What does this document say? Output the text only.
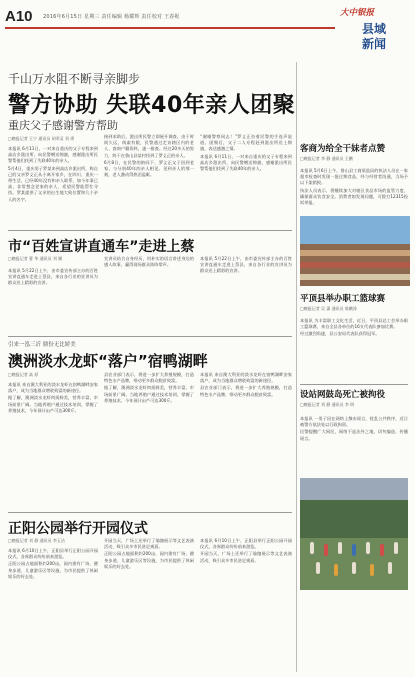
A10 2016年6月15日 星期三 责任编辑 杨耀辉 责任校对 王春妮	大中银报
县域新闻
千山万水阻不断寻亲脚步
警方协助 失联40年亲人团聚
重庆父子感谢警方帮助
□晚报记者 王宁 通讯员 胡翠灵 刘 勇

本报讯 6月11日，一对来自重庆的父子专程来到高店乡派出所，向民警赠送锦旗，感谢派出所民警帮他们找到了失联40年的亲人。

5月4日，重庆男子罗某来到高店乡派出所，称自己的父亲罗义正从小离开家乡，在四川、重庆一带生活，已经40年没有和亲人联系，如今年事已高，非常想念老家的亲人，希望民警能帮忙寻找。罗某提供了父亲的出生地大致位置和几个亲人的名字。

接到求助后，派出所民警立即展开调查。由于时间久远，线索有限，民警通过走访辖区内的老人、查询户籍资料，逐一排查。经过20多天的努力，终于在鲁山县某村找到了罗义正的亲人。

6月8日，在民警的陪同下，罗义正父子回到老家，与分别40年的亲人相见。见到亲人的那一刻，老人激动得热泪盈眶。

“谢谢警察同志！”罗义正拉着民警的手连声说道。团聚后，父子二人专程赶到派出所送上锦旗，表达感激之情。

本报讯 6月11日，一对来自重庆的父子专程来到高店乡派出所，向民警赠送锦旗，感谢派出所民警帮他们找到了失联40年的亲人。

客商为给全干妹者点赞
□晚报记者 李 静 通讯员 王鹏

本报讯 5月6日上午，鲁山县工商质监局的执法人员在一家超市检查时发现一批过期食品，经与经营者沟通，当场予以下架销毁。

执法人员表示，将继续加大对辖区食品市场的监管力度，确保群众饮食安全。消费者如发现问题，可拨打12315投诉举报。

市“百姓宣讲直通车”走进上蔡
□晚报记者 曹 华 通讯员 刘 娜

本报讯 5月22日上午，由市委宣传部主办的百姓宣讲直通车走进上蔡县，来自各行业的宣讲员为群众送上精彩的宣讲。

宣讲员结合自身经历，用朴实的语言讲述身边的感人故事，赢得现场群众阵阵掌声。

本报讯 5月22日上午，由市委宣传部主办的百姓宣讲直通车走进上蔡县，来自各行业的宣讲员为群众送上精彩的宣讲。

平顶县举办职工篮球赛
□晚报记者 吴 潇 通讯员 陈鹏涛

本报讯 为丰富职工文化生活，近日，平顶县总工会举办职工篮球赛，来自全县各单位的16支代表队参加比赛。

经过激烈角逐，县公安局代表队获得冠军。

引来一泓三沂 鼎份无比娇美
澳洲淡水龙虾“落户”宿鸭湖畔
□晚报记者 高 原

本报讯 来自澳大利亚的淡水龙虾在宿鸭湖畔安家落户，成为当地群众增收致富的新途径。

据了解，澳洲淡水龙虾肉质鲜美，营养丰富，市场前景广阔。当地养殖户通过技术培训，掌握了养殖技术，今年预计亩产可达300斤。

县农业部门表示，将进一步扩大养殖规模，打造特色水产品牌，带动更多群众脱贫致富。

据了解，澳洲淡水龙虾肉质鲜美，营养丰富，市场前景广阔。当地养殖户通过技术培训，掌握了养殖技术，今年预计亩产可达300斤。

本报讯 来自澳大利亚的淡水龙虾在宿鸭湖畔安家落户，成为当地群众增收致富的新途径。

县农业部门表示，将进一步扩大养殖规模，打造特色水产品牌，带动更多群众脱贫致富。	设站网鼓岛死亡被拘役
□晚报记者 刘 静 通讯员 李 明

本报讯 一男子因在网络上散布谣言，扰乱公共秩序，近日被警方依法处以行政拘留。

民警提醒广大网民，网络不是法外之地，切勿编造、传播谣言。

正阳公园举行开园仪式
□晚报记者 刘 静 通讯员 李玉洁

本报讯 6月10日上午，正阳县举行正阳公园开园仪式，各界群众纷纷前来游览。

正阳公园占地面积约200亩，园内建有广场、健身步道、儿童游乐区等设施，为市民提供了休闲娱乐的好去处。

开园当天，广场上还举行了瑜伽展示等文艺表演活动，吸引众多市民驻足观看。

正阳公园占地面积约200亩，园内建有广场、健身步道、儿童游乐区等设施，为市民提供了休闲娱乐的好去处。

本报讯 6月10日上午，正阳县举行正阳公园开园仪式，各界群众纷纷前来游览。

开园当天，广场上还举行了瑜伽展示等文艺表演活动，吸引众多市民驻足观看。
